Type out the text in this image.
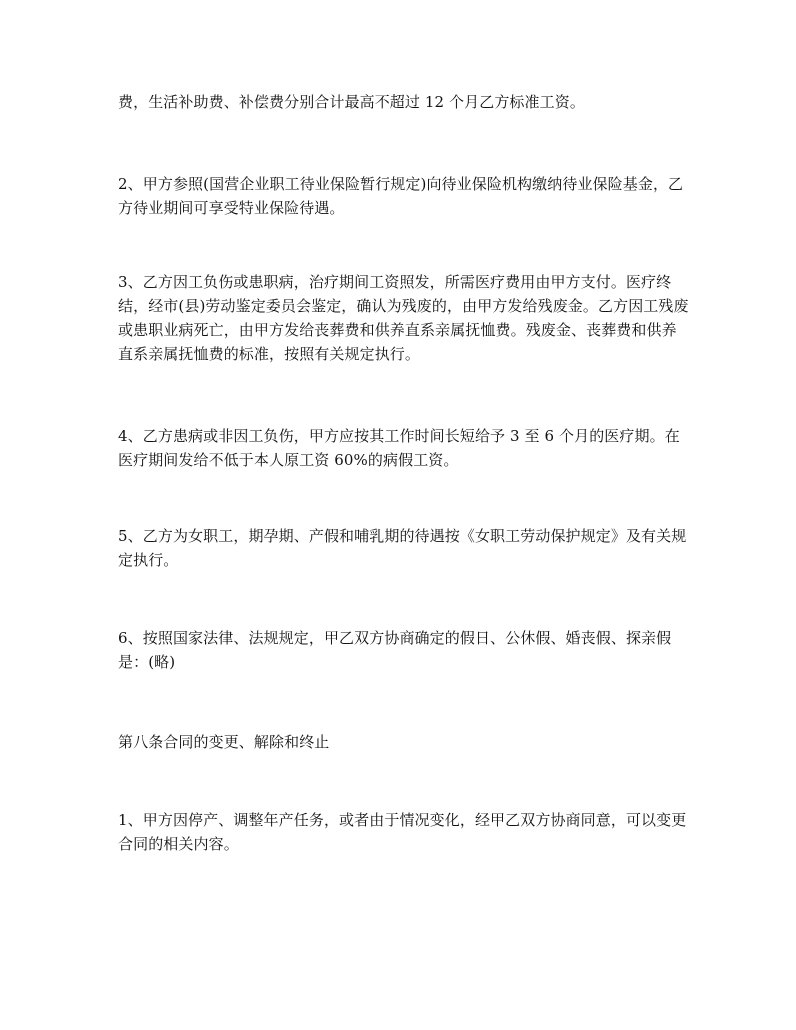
费，生活补助费、补偿费分别合计最高不超过 12 个月乙方标准工资。

2、甲方参照(国营企业职工待业保险暂行规定)向待业保险机构缴纳待业保险基金，乙方待业期间可享受特业保险待遇。

3、乙方因工负伤或患职病，治疗期间工资照发，所需医疗费用由甲方支付。医疗终结，经市(县)劳动鉴定委员会鉴定，确认为残废的，由甲方发给残废金。乙方因工残废或患职业病死亡，由甲方发给丧葬费和供养直系亲属抚恤费。残废金、丧葬费和供养直系亲属抚恤费的标准，按照有关规定执行。

4、乙方患病或非因工负伤，甲方应按其工作时间长短给予 3 至 6 个月的医疗期。在医疗期间发给不低于本人原工资 60%的病假工资。

5、乙方为女职工，期孕期、产假和哺乳期的待遇按《女职工劳动保护规定》及有关规定执行。

6、按照国家法律、法规规定，甲乙双方协商确定的假日、公休假、婚丧假、探亲假是：(略)

第八条合同的变更、解除和终止

1、甲方因停产、调整年产任务，或者由于情况变化，经甲乙双方协商同意，可以变更合同的相关内容。
